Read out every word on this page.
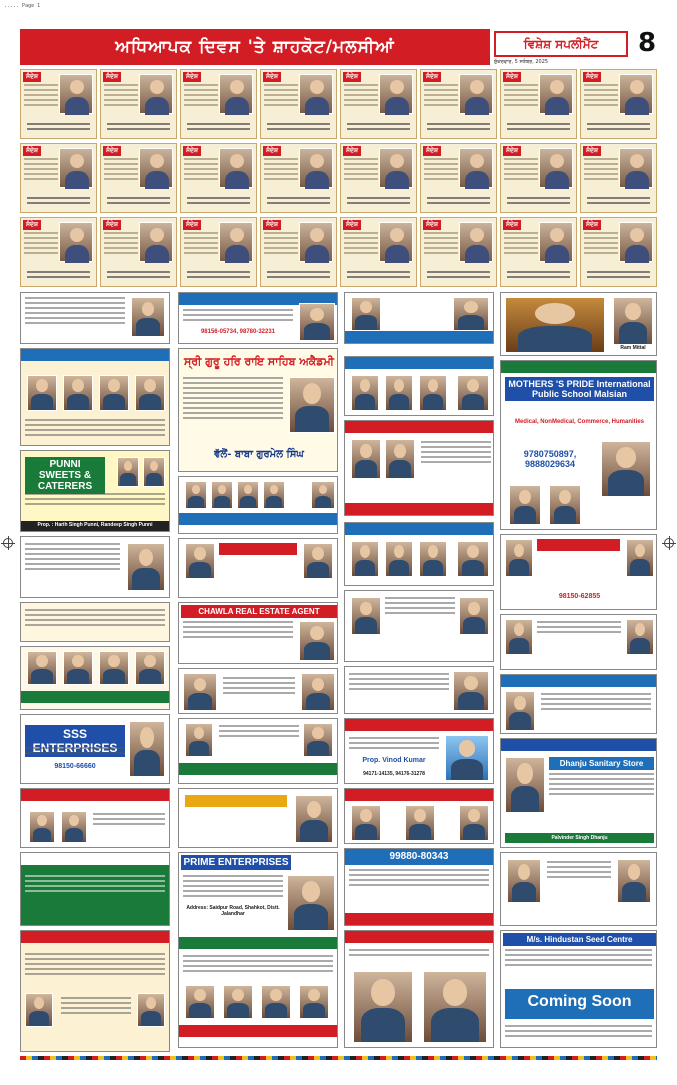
..... Page 1
ਅਧਿਆਪਕ ਦਿਵਸ 'ਤੇ ਸ਼ਾਹਕੋਟ/ਮਲਸੀਆਂ	ਵਿਸ਼ੇਸ਼ ਸਪਲੀਮੈਂਟ	8
ਸ਼ੁੱਕਰਵਾਰ, 5 ਸਤੰਬਰ, 2025
ਸੰਦੇਸ਼	ਸੰਦੇਸ਼	ਸੰਦੇਸ਼	ਸੰਦੇਸ਼	ਸੰਦੇਸ਼	ਸੰਦੇਸ਼	ਸੰਦੇਸ਼	ਸੰਦੇਸ਼
ਸੰਦੇਸ਼	ਸੰਦੇਸ਼	ਸੰਦੇਸ਼	ਸੰਦੇਸ਼	ਸੰਦੇਸ਼	ਸੰਦੇਸ਼	ਸੰਦੇਸ਼	ਸੰਦੇਸ਼
ਸੰਦੇਸ਼	ਸੰਦੇਸ਼	ਸੰਦੇਸ਼	ਸੰਦੇਸ਼	ਸੰਦੇਸ਼	ਸੰਦੇਸ਼	ਸੰਦੇਸ਼	ਸੰਦੇਸ਼

PUNNI SWEETS & CATERERS
Prop. : Harih Singh Punni, Randeep Singh Punni

SSS
98150-66660

98156-05734, 98780-32231
ਸ੍ਰੀ ਗੁਰੂ ਹਰਿ ਰਾਇ ਸਾਹਿਬ ਅਕੈਡਮੀ
ਵੱਲੋਂ- ਬਾਬਾ ਗੁਰਮੇਲ ਸਿੰਘ

CHAWLA REAL ESTATE AGENT

PRIME ENTERPRISES
Address: Saidpur Road, Shahkot, Distt. Jalandhar

Prop. Vinod Kumar
94171-14135, 94176-31278

99880-80343

Ram Mittal

MOTHERS 'S PRIDE International Public School Malsian
Medical, NonMedical, Commerce, Humanities
9780750897, 9888029634

98150-62855

Dhanju Sanitary Store
Palvinder Singh Dhanju
M/s. Hindustan Seed Centre
Coming Soon
